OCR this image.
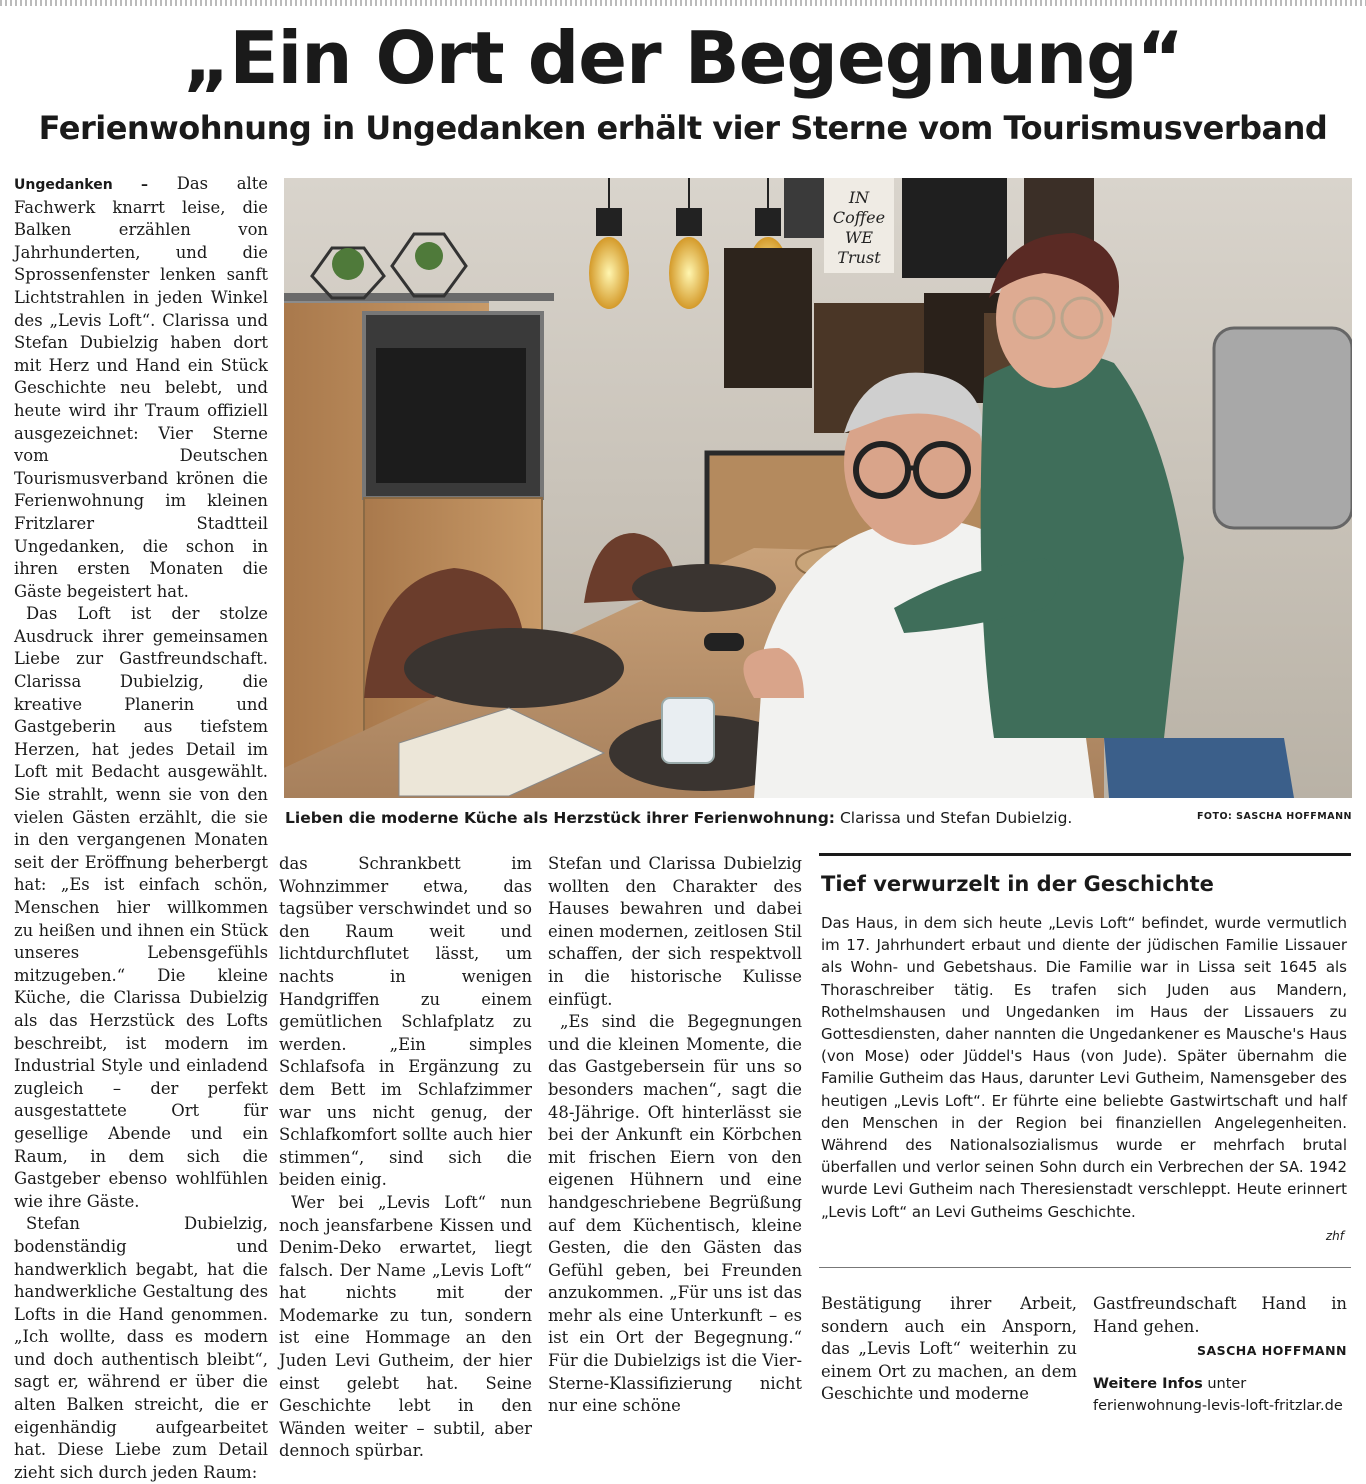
„Ein Ort der Begegnung“
Ferienwohnung in Ungedanken erhält vier Sterne vom Tourismusverband

Ungedanken – Das alte Fachwerk knarrt leise, die Balken erzählen von Jahrhunderten, und die Sprossenfenster lenken sanft Lichtstrahlen in jeden Winkel des „Levis Loft“. Clarissa und Stefan Dubielzig haben dort mit Herz und Hand ein Stück Geschichte neu belebt, und heute wird ihr Traum offiziell ausgezeichnet: Vier Sterne vom Deutschen Tourismusverband krönen die Ferienwohnung im kleinen Fritzlarer Stadtteil Ungedanken, die schon in ihren ersten Monaten die Gäste begeistert hat.

Das Loft ist der stolze Ausdruck ihrer gemeinsamen Liebe zur Gastfreundschaft. Clarissa Dubielzig, die kreative Planerin und Gastgeberin aus tiefstem Herzen, hat jedes Detail im Loft mit Bedacht ausgewählt. Sie strahlt, wenn sie von den vielen Gästen erzählt, die sie in den vergangenen Monaten seit der Eröffnung beherbergt hat: „Es ist einfach schön, Menschen hier willkommen zu heißen und ihnen ein Stück unseres Lebensgefühls mitzugeben.“ Die kleine Küche, die Clarissa Dubielzig als das Herzstück des Lofts beschreibt, ist modern im Industrial Style und einladend zugleich – der perfekt ausgestattete Ort für gesellige Abende und ein Raum, in dem sich die Gastgeber ebenso wohlfühlen wie ihre Gäste.

Stefan Dubielzig, bodenständig und handwerklich begabt, hat die handwerkliche Gestaltung des Lofts in die Hand genommen. „Ich wollte, dass es modern und doch authentisch bleibt“, sagt er, während er über die alten Balken streicht, die er eigenhändig aufgearbeitet hat. Diese Liebe zum Detail zieht sich durch jeden Raum:

IN
Coffee
WE
Trust
Lieben die moderne Küche als Herzstück ihrer Ferienwohnung: Clarissa und Stefan Dubielzig.	FOTO: SASCHA HOFFMANN

das Schrankbett im Wohnzimmer etwa, das tagsüber verschwindet und so den Raum weit und lichtdurchflutet lässt, um nachts in wenigen Handgriffen zu einem gemütlichen Schlafplatz zu werden. „Ein simples Schlafsofa in Ergänzung zu dem Bett im Schlafzimmer war uns nicht genug, der Schlafkomfort sollte auch hier stimmen“, sind sich die beiden einig.

Wer bei „Levis Loft“ nun noch jeansfarbene Kissen und Denim-Deko erwartet, liegt falsch. Der Name „Levis Loft“ hat nichts mit der Modemarke zu tun, sondern ist eine Hommage an den Juden Levi Gutheim, der hier einst gelebt hat. Seine Geschichte lebt in den Wänden weiter – subtil, aber dennoch spürbar.

Stefan und Clarissa Dubielzig wollten den Charakter des Hauses bewahren und dabei einen modernen, zeitlosen Stil schaffen, der sich respektvoll in die historische Kulisse einfügt.

„Es sind die Begegnungen und die kleinen Momente, die das Gastgebersein für uns so besonders machen“, sagt die 48-Jährige. Oft hinterlässt sie bei der Ankunft ein Körbchen mit frischen Eiern von den eigenen Hühnern und eine handgeschriebene Begrüßung auf dem Küchentisch, kleine Gesten, die den Gästen das Gefühl geben, bei Freunden anzukommen. „Für uns ist das mehr als eine Unterkunft – es ist ein Ort der Begegnung.“ Für die Dubielzigs ist die Vier-Sterne-Klassifizierung nicht nur eine schöne

Tief verwurzelt in der Geschichte

Das Haus, in dem sich heute „Levis Loft“ befindet, wurde vermutlich im 17. Jahrhundert erbaut und diente der jüdischen Familie Lissauer als Wohn- und Gebetshaus. Die Familie war in Lissa seit 1645 als Thoraschreiber tätig. Es trafen sich Juden aus Mandern, Rothelmshausen und Ungedanken im Haus der Lissauers zu Gottesdiensten, daher nannten die Ungedankener es Mausche's Haus (von Mose) oder Jüddel's Haus (von Jude). Später übernahm die Familie Gutheim das Haus, darunter Levi Gutheim, Namensgeber des heutigen „Levis Loft“. Er führte eine beliebte Gastwirtschaft und half den Menschen in der Region bei finanziellen Angelegenheiten. Während des Nationalsozialismus wurde er mehrfach brutal überfallen und verlor seinen Sohn durch ein Verbrechen der SA. 1942 wurde Levi Gutheim nach Theresienstadt verschleppt. Heute erinnert „Levis Loft“ an Levi Gutheims Geschichte.

zhf

Bestätigung ihrer Arbeit, sondern auch ein Ansporn, das „Levis Loft“ weiterhin zu einem Ort zu machen, an dem Geschichte und moderne

Gastfreundschaft Hand in Hand gehen.

SASCHA HOFFMANN
Weitere Infos unter ferienwohnung-levis-loft-fritzlar.de
